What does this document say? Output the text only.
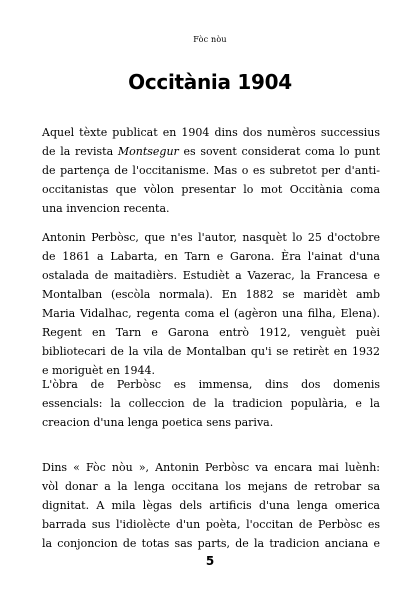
Fòc nòu
Occitània 1904

Aquel tèxte publicat en 1904 dins dos numèros successius
de la revista Montsegur es sovent considerat coma lo punt
de partença de l'occitanisme. Mas o es subretot per d'anti-
occitanistas que vòlon presentar lo mot Occitània coma
una invencion recenta.

Antonin Perbòsc, que n'es l'autor, nasquèt lo 25 d'octobre
de 1861 a Labarta, en Tarn e Garona. Èra l'ainat d'una
ostalada de maitadièrs. Estudièt a Vazerac, la Francesa e
Montalban (escòla normala). En 1882 se maridèt amb
Maria Vidalhac, regenta coma el (agèron una filha, Elena).
Regent en Tarn e Garona entrò 1912, venguèt puèi
bibliotecari de la vila de Montalban qu'i se retirèt en 1932
e moriguèt en 1944.

L'òbra de Perbòsc es immensa, dins dos domenis
essencials: la colleccion de la tradicion populària, e la
creacion d'una lenga poetica sens pariva.

Dins « Fòc nòu », Antonin Perbòsc va encara mai luènh:
vòl donar a la lenga occitana los mejans de retrobar sa
dignitat. A mila lègas dels artificis d'una lenga omerica
barrada sus l'idiolècte d'un poèta, l'occitan de Perbòsc es
la conjoncion de totas sas parts, de la tradicion anciana e

5
